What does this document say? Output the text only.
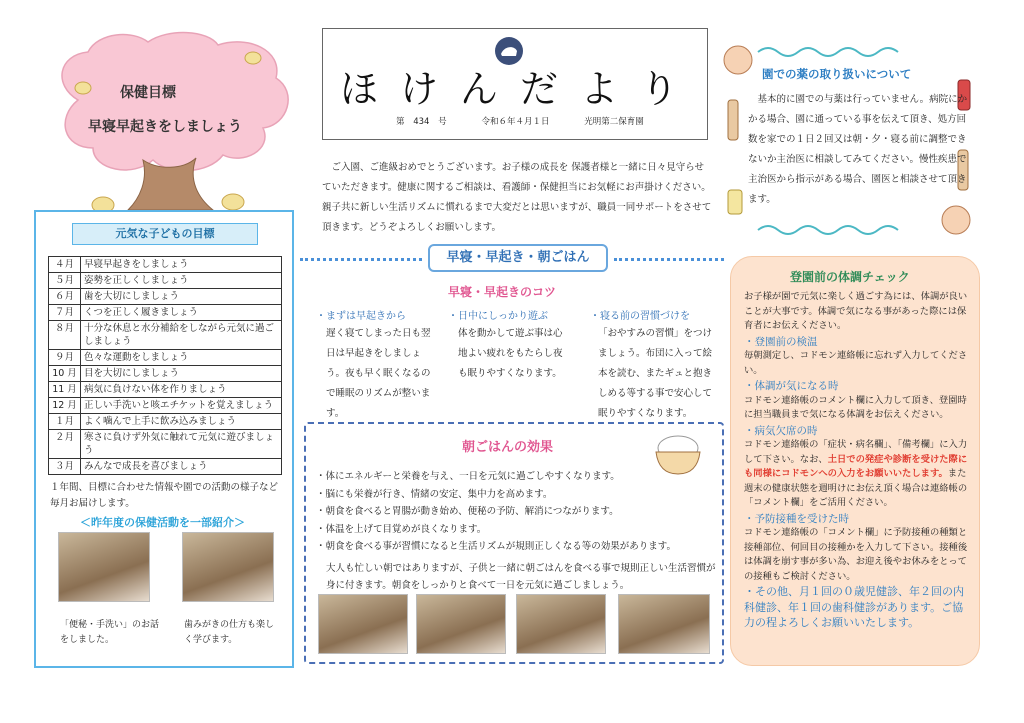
保健目標
早寝早起きをしましょう
ほけんだより
第 434 号	令和６年４月１日	光明第二保育園
ご入園、ご進級おめでとうございます。お子様の成長を 保護者様と一緒に日々見守らせていただきます。健康に関するご相談は、看護師・保健担当にお気軽にお声掛けください。親子共に新しい生活リズムに慣れるまで大変だとは思いますが、職員一同サポートをさせて頂きます。どうぞよろしくお願いします。
元気な子どもの目標
４月	早寝早起きをしましょう
５月	姿勢を正しくしましょう
６月	歯を大切にしましょう
７月	くつを正しく履きましょう
８月	十分な休息と水分補給をしながら元気に過ごしましょう
９月	色々な運動をしましょう
10 月	目を大切にしましょう
11 月	病気に負けない体を作りましょう
12 月	正しい手洗いと咳エチケットを覚えましょう
１月	よく噛んで上手に飲み込みましょう
２月	寒さに負けず外気に触れて元気に遊びましょう
３月	みんなで成長を喜びましょう
１年間、目標に合わせた情報や園での活動の様子など毎月お届けします。
＜昨年度の保健活動を一部紹介＞
「便秘・手洗い」のお話をしました。
歯みがきの仕方も楽しく学びます。
園での薬の取り扱いについて
基本的に園での与薬は行っていません。病院にかかる場合、園に通っている事を伝えて頂き、処方回数を家での１日２回又は朝・夕・寝る前に調整できないか主治医に相談してみてください。慢性疾患で主治医から指示がある場合、園医と相談させて頂きます。
早寝・早起き・朝ごはん
早寝・早起きのコツ
・まずは早起きから
遅く寝てしまった日も翌日は早起きをしましょう。夜も早く眠くなるので睡眠のリズムが整います。
・日中にしっかり遊ぶ
体を動かして遊ぶ事は心地よい疲れをもたらし夜も眠りやすくなります。
・寝る前の習慣づけを
「おやすみの習慣」をつけましょう。布団に入って絵本を読む、またギュと抱きしめる等する事で安心して眠りやすくなります。
朝ごはんの効果
・体にエネルギーと栄養を与え、一日を元気に過ごしやすくなります。
・脳にも栄養が行き、情緒の安定、集中力を高めます。
・朝食を食べると胃腸が動き始め、便秘の予防、解消につながります。
・体温を上げて目覚めが良くなります。
・朝食を食べる事が習慣になると生活リズムが規則正しくなる等の効果があります。
大人も忙しい朝ではありますが、子供と一緒に朝ごはんを食べる事で規則正しい生活習慣が身に付きます。朝食をしっかりと食べて一日を元気に過ごしましょう。
登園前の体調チェック
お子様が園で元気に楽しく過ごす為には、体調が良いことが大事です。体調で気になる事があった際には保育者にお伝えください。
・登園前の検温
毎朝測定し、コドモン連絡帳に忘れず入力してください。
・体調が気になる時
コドモン連絡帳のコメント欄に入力して頂き、登園時に担当職員まで気になる体調をお伝えください。
・病気欠席の時
コドモン連絡帳の「症状・病名欄」、「備考欄」に入力して下さい。なお、土日での発症や診断を受けた際にも同様にコドモンへの入力をお願いいたします。また週末の健康状態を週明けにお伝え頂く場合は連絡帳の「コメント欄」をご活用ください。
・予防接種を受けた時
コドモン連絡帳の「コメント欄」に予防接種の種類と接種部位、何回目の接種かを入力して下さい。接種後は体調を崩す事が多い為、お迎え後やお休みをとっての接種もご検討ください。
・その他、月１回の０歳児健診、年２回の内科健診、年１回の歯科健診があります。ご協力の程よろしくお願いいたします。
